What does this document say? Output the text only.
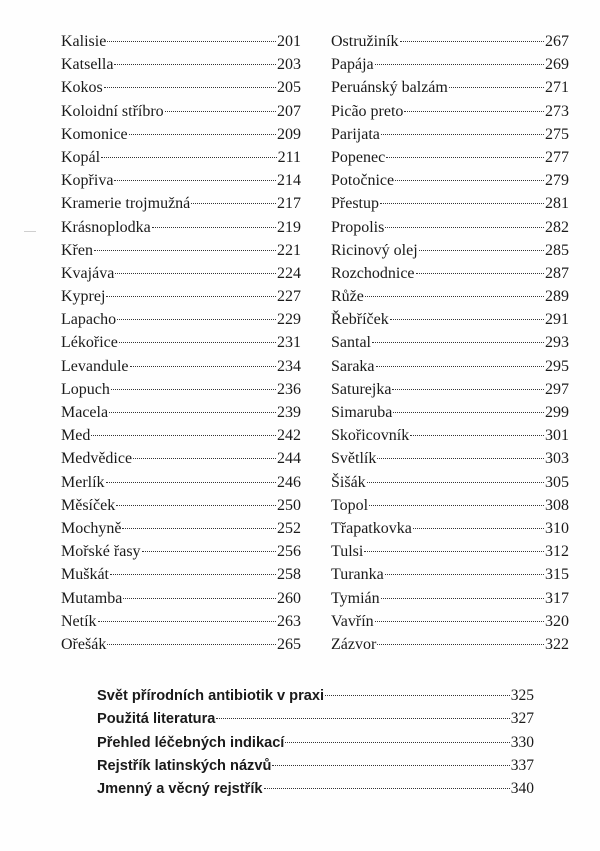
Kalisie	201
Katsella	203
Kokos	205
Koloidní stříbro	207
Komonice	209
Kopál	211
Kopřiva	214
Kramerie trojmužná	217
Krásnoplodka	219
Křen	221
Kvajáva	224
Kyprej	227
Lapacho	229
Lékořice	231
Levandule	234
Lopuch	236
Macela	239
Med	242
Medvědice	244
Merlík	246
Měsíček	250
Mochyně	252
Mořské řasy	256
Muškát	258
Mutamba	260
Netík	263
Ořešák	265
Ostružiník	267
Papája	269
Peruánský balzám	271
Picão preto	273
Parijata	275
Popenec	277
Potočnice	279
Přestup	281
Propolis	282
Ricinový olej	285
Rozchodnice	287
Růže	289
Řebříček	291
Santal	293
Saraka	295
Saturejka	297
Simaruba	299
Skořicovník	301
Světlík	303
Šišák	305
Topol	308
Třapatkovka	310
Tulsi	312
Turanka	315
Tymián	317
Vavřín	320
Zázvor	322
Svět přírodních antibiotik v praxi	325
Použitá literatura	327
Přehled léčebných indikací	330
Rejstřík latinských názvů	337
Jmenný a věcný rejstřík	340
